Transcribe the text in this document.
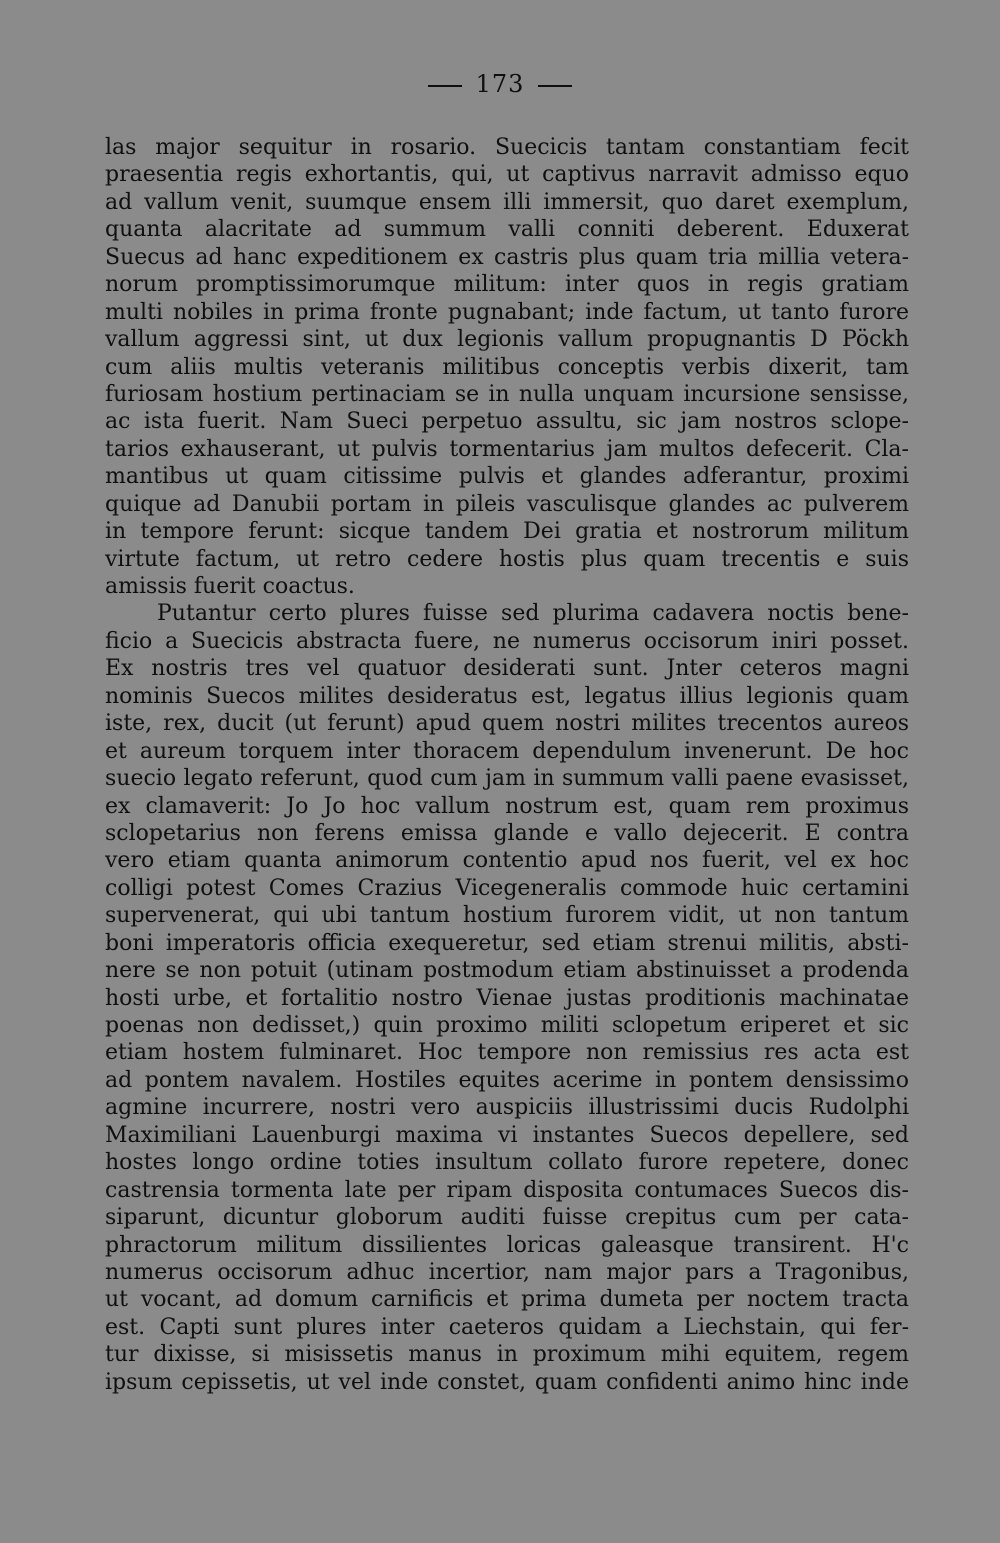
173
las major sequitur in rosario. Suecicis tantam constantiam fecit
praesentia regis exhortantis, qui, ut captivus narravit admisso equo
ad vallum venit, suumque ensem illi immersit, quo daret exemplum,
quanta alacritate ad summum valli conniti deberent. Eduxerat
Suecus ad hanc expeditionem ex castris plus quam tria millia vetera-
norum promptissimorumque militum: inter quos in regis gratiam
multi nobiles in prima fronte pugnabant; inde factum, ut tanto furore
vallum aggressi sint, ut dux legionis vallum propugnantis D Pöckh
cum aliis multis veteranis militibus conceptis verbis dixerit, tam
furiosam hostium pertinaciam se in nulla unquam incursione sensisse,
ac ista fuerit. Nam Sueci perpetuo assultu, sic jam nostros sclope-
tarios exhauserant, ut pulvis tormentarius jam multos defecerit. Cla-
mantibus ut quam citissime pulvis et glandes adferantur, proximi
quique ad Danubii portam in pileis vasculisque glandes ac pulverem
in tempore ferunt: sicque tandem Dei gratia et nostrorum militum
virtute factum, ut retro cedere hostis plus quam trecentis e suis
amissis fuerit coactus.
Putantur certo plures fuisse sed plurima cadavera noctis bene-
ficio a Suecicis abstracta fuere, ne numerus occisorum iniri posset.
Ex nostris tres vel quatuor desiderati sunt. Jnter ceteros magni
nominis Suecos milites desideratus est, legatus illius legionis quam
iste, rex, ducit (ut ferunt) apud quem nostri milites trecentos aureos
et aureum torquem inter thoracem dependulum invenerunt. De hoc
suecio legato referunt, quod cum jam in summum valli paene evasisset,
ex clamaverit: Jo Jo hoc vallum nostrum est, quam rem proximus
sclopetarius non ferens emissa glande e vallo dejecerit. E contra
vero etiam quanta animorum contentio apud nos fuerit, vel ex hoc
colligi potest Comes Crazius Vicegeneralis commode huic certamini
supervenerat, qui ubi tantum hostium furorem vidit, ut non tantum
boni imperatoris officia exequeretur, sed etiam strenui militis, absti-
nere se non potuit (utinam postmodum etiam abstinuisset a prodenda
hosti urbe, et fortalitio nostro Vienae justas proditionis machinatae
poenas non dedisset,) quin proximo militi sclopetum eriperet et sic
etiam hostem fulminaret. Hoc tempore non remissius res acta est
ad pontem navalem. Hostiles equites acerime in pontem densissimo
agmine incurrere, nostri vero auspiciis illustrissimi ducis Rudolphi
Maximiliani Lauenburgi maxima vi instantes Suecos depellere, sed
hostes longo ordine toties insultum collato furore repetere, donec
castrensia tormenta late per ripam disposita contumaces Suecos dis-
siparunt, dicuntur globorum auditi fuisse crepitus cum per cata-
phractorum militum dissilientes loricas galeasque transirent. H'c
numerus occisorum adhuc incertior, nam major pars a Tragonibus,
ut vocant, ad domum carnificis et prima dumeta per noctem tracta
est. Capti sunt plures inter caeteros quidam a Liechstain, qui fer-
tur dixisse, si misissetis manus in proximum mihi equitem, regem
ipsum cepissetis, ut vel inde constet, quam confidenti animo hinc inde
